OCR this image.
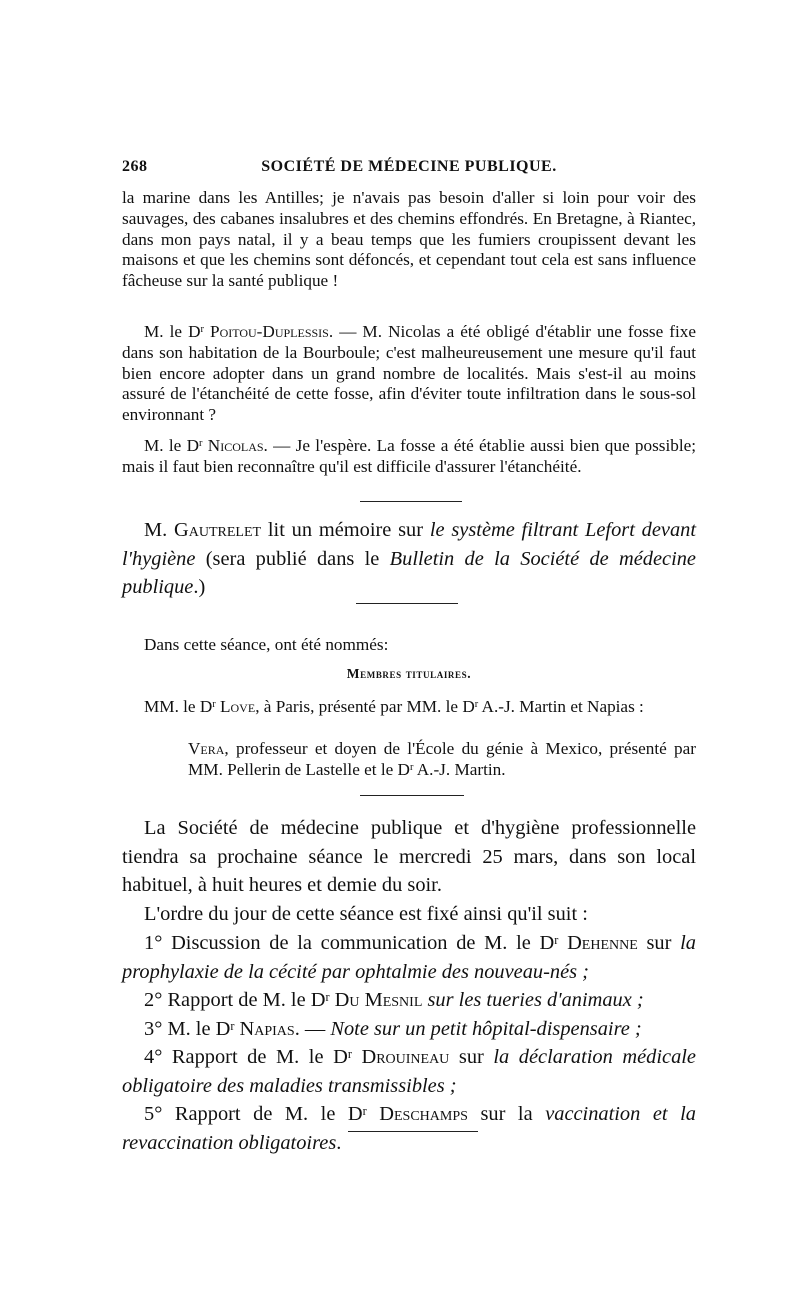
268	SOCIÉTÉ DE MÉDECINE PUBLIQUE.

la marine dans les Antilles; je n'avais pas besoin d'aller si loin pour voir des sauvages, des cabanes insalubres et des chemins effondrés. En Bretagne, à Riantec, dans mon pays natal, il y a beau temps que les fumiers croupissent devant les maisons et que les chemins sont défoncés, et cependant tout cela est sans influence fâcheuse sur la santé publique !

M. le $D^r$ Poitou-Duplessis. — M. Nicolas a été obligé d'établir une fosse fixe dans son habitation de la Bourboule; c'est malheureusement une mesure qu'il faut bien encore adopter dans un grand nombre de localités. Mais s'est-il au moins assuré de l'étanchéité de cette fosse, afin d'éviter toute infiltration dans le sous-sol environnant ?

M. le $D^r$ Nicolas. — Je l'espère. La fosse a été établie aussi bien que possible; mais il faut bien reconnaître qu'il est difficile d'assurer l'étanchéité.

M. Gautrelet lit un mémoire sur le système filtrant Lefort devant l'hygiène (sera publié dans le Bulletin de la Société de médecine publique.)

Dans cette séance, ont été nommés:

Membres titulaires.
MM. le $D^r$ Love, à Paris, présenté par MM. le $D^r$ A.-J. Martin et Napias :
Vera, professeur et doyen de l'École du génie à Mexico, présenté par MM. Pellerin de Lastelle et le $D^r$ A.-J. Martin.

La Société de médecine publique et d'hygiène professionnelle tiendra sa prochaine séance le mercredi 25 mars, dans son local habituel, à huit heures et demie du soir.

L'ordre du jour de cette séance est fixé ainsi qu'il suit :

1° Discussion de la communication de M. le $D^r$ Dehenne sur la prophylaxie de la cécité par ophtalmie des nouveau-nés ;

2° Rapport de M. le $D^r$ Du Mesnil sur les tueries d'animaux ;

3° M. le $D^r$ Napias. — Note sur un petit hôpital-dispensaire ;

4° Rapport de M. le $D^r$ Drouineau sur la déclaration médicale obligatoire des maladies transmissibles ;

5° Rapport de M. le $D^r$ Deschamps sur la vaccination et la revaccination obligatoires.
